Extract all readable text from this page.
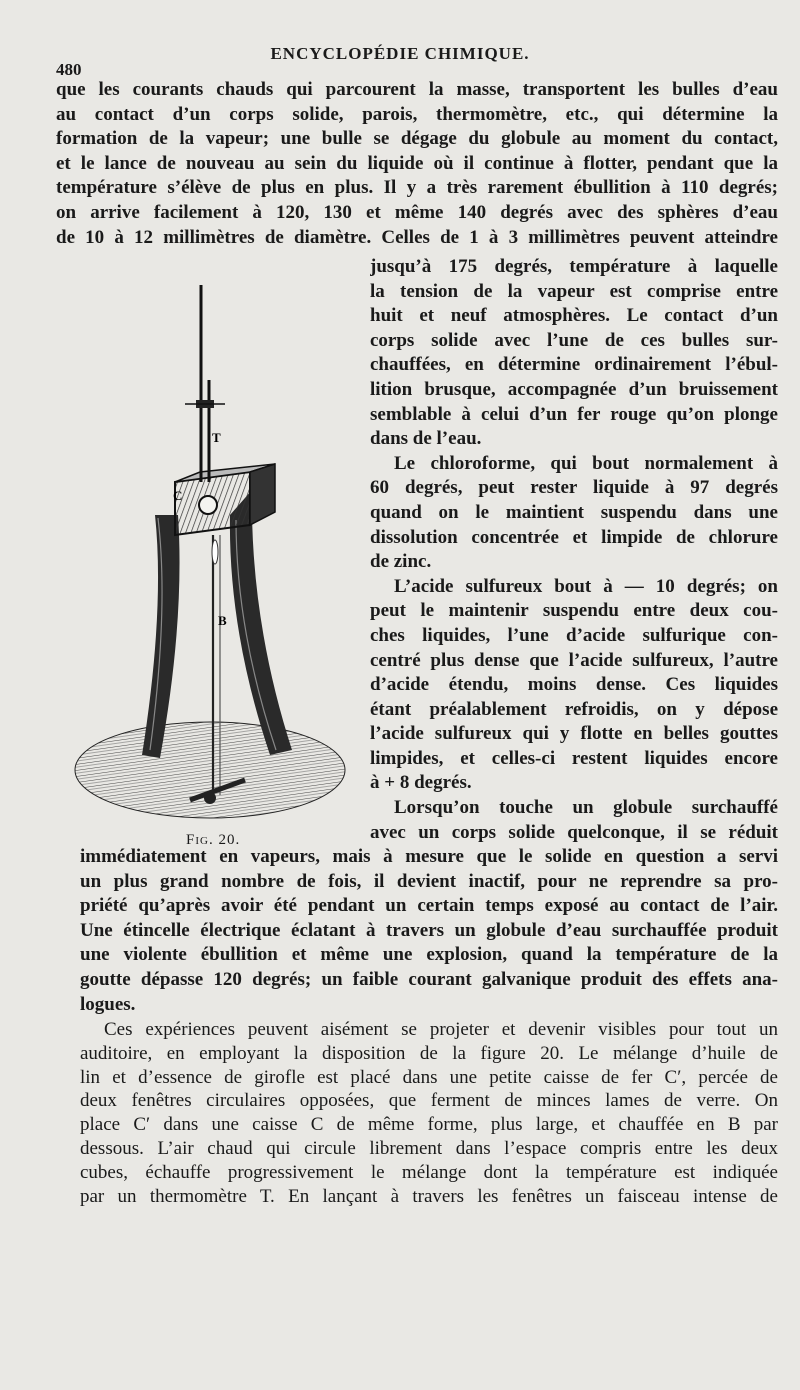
480
ENCYCLOPÉDIE CHIMIQUE.
que les courants chauds qui parcourent la masse, transportent les bulles d’eau
au contact d’un corps solide, parois, thermomètre, etc., qui détermine la
formation de la vapeur; une bulle se dégage du globule au moment du contact,
et le lance de nouveau au sein du liquide où il continue à flotter, pendant que la
température s’élève de plus en plus. Il y a très rarement ébullition à 110 degrés;
on arrive facilement à 120, 130 et même 140 degrés avec des sphères d’eau
de 10 à 12 millimètres de diamètre. Celles de 1 à 3 millimètres peuvent atteindre
jusqu’à 175 degrés, température à laquelle
la tension de la vapeur est comprise entre
huit et neuf atmosphères. Le contact d’un
corps solide avec l’une de ces bulles sur-
chauffées, en détermine ordinairement l’ébul-
lition brusque, accompagnée d’un bruissement
semblable à celui d’un fer rouge qu’on plonge
dans de l’eau.
Le chloroforme, qui bout normalement à
60 degrés, peut rester liquide à 97 degrés
quand on le maintient suspendu dans une
dissolution concentrée et limpide de chlorure
de zinc.
L’acide sulfureux bout à — 10 degrés; on
peut le maintenir suspendu entre deux cou-
ches liquides, l’une d’acide sulfurique con-
centré plus dense que l’acide sulfureux, l’autre
d’acide étendu, moins dense. Ces liquides
étant préalablement refroidis, on y dépose
l’acide sulfureux qui y flotte en belles gouttes
limpides, et celles-ci restent liquides encore
à + 8 degrés.
Lorsqu’on touche un globule surchauffé
avec un corps solide quelconque, il se réduit
T
C
B
Fig. 20.
immédiatement en vapeurs, mais à mesure que le solide en question a servi
un plus grand nombre de fois, il devient inactif, pour ne reprendre sa pro-
priété qu’après avoir été pendant un certain temps exposé au contact de l’air.
Une étincelle électrique éclatant à travers un globule d’eau surchauffée produit
une violente ébullition et même une explosion, quand la température de la
goutte dépasse 120 degrés; un faible courant galvanique produit des effets ana-
logues.
Ces expériences peuvent aisément se projeter et devenir visibles pour tout un
auditoire, en employant la disposition de la figure 20. Le mélange d’huile de
lin et d’essence de girofle est placé dans une petite caisse de fer C′, percée de
deux fenêtres circulaires opposées, que ferment de minces lames de verre. On
place C′ dans une caisse C de même forme, plus large, et chauffée en B par
dessous. L’air chaud qui circule librement dans l’espace compris entre les deux
cubes, échauffe progressivement le mélange dont la température est indiquée
par un thermomètre T. En lançant à travers les fenêtres un faisceau intense de
